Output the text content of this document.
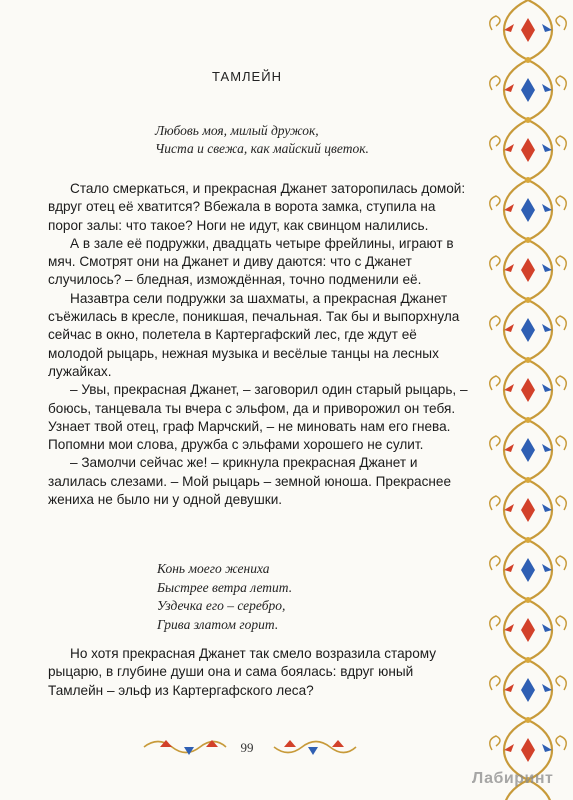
ТАМЛЕЙН
Любовь моя, милый дружок,
Чиста и свежа, как майский цветок.

Стало смеркаться, и прекрасная Джанет заторопилась домой: вдруг отец её хватится? Вбежала в ворота замка, ступила на порог залы: что такое? Ноги не идут, как свинцом налились.

А в зале её подружки, двадцать четыре фрейлины, играют в мяч. Смотрят они на Джанет и диву даются: что с Джанет случилось? – бледная, измождённая, точно подменили её.

Назавтра сели подружки за шахматы, а прекрасная Джанет съёжилась в кресле, поникшая, печальная. Так бы и выпорхнула сейчас в окно, полетела в Картергафский лес, где ждут её молодой рыцарь, нежная музыка и весёлые танцы на лесных лужайках.

– Увы, прекрасная Джанет, – заговорил один старый рыцарь, – боюсь, танцевала ты вчера с эльфом, да и приворожил он тебя. Узнает твой отец, граф Марчский, – не миновать нам его гнева. Попомни мои слова, дружба с эльфами хорошего не сулит.

– Замолчи сейчас же! – крикнула прекрасная Джанет и залилась слезами. – Мой рыцарь – земной юноша. Прекраснее жениха не было ни у одной девушки.

Конь моего жениха
Быстрее ветра летит.
Уздечка его – серебро,
Грива златом горит.

Но хотя прекрасная Джанет так смело возразила старому рыцарю, в глубине души она и сама боялась: вдруг юный Тамлейн – эльф из Картергафского леса?

99
Лабиринт
